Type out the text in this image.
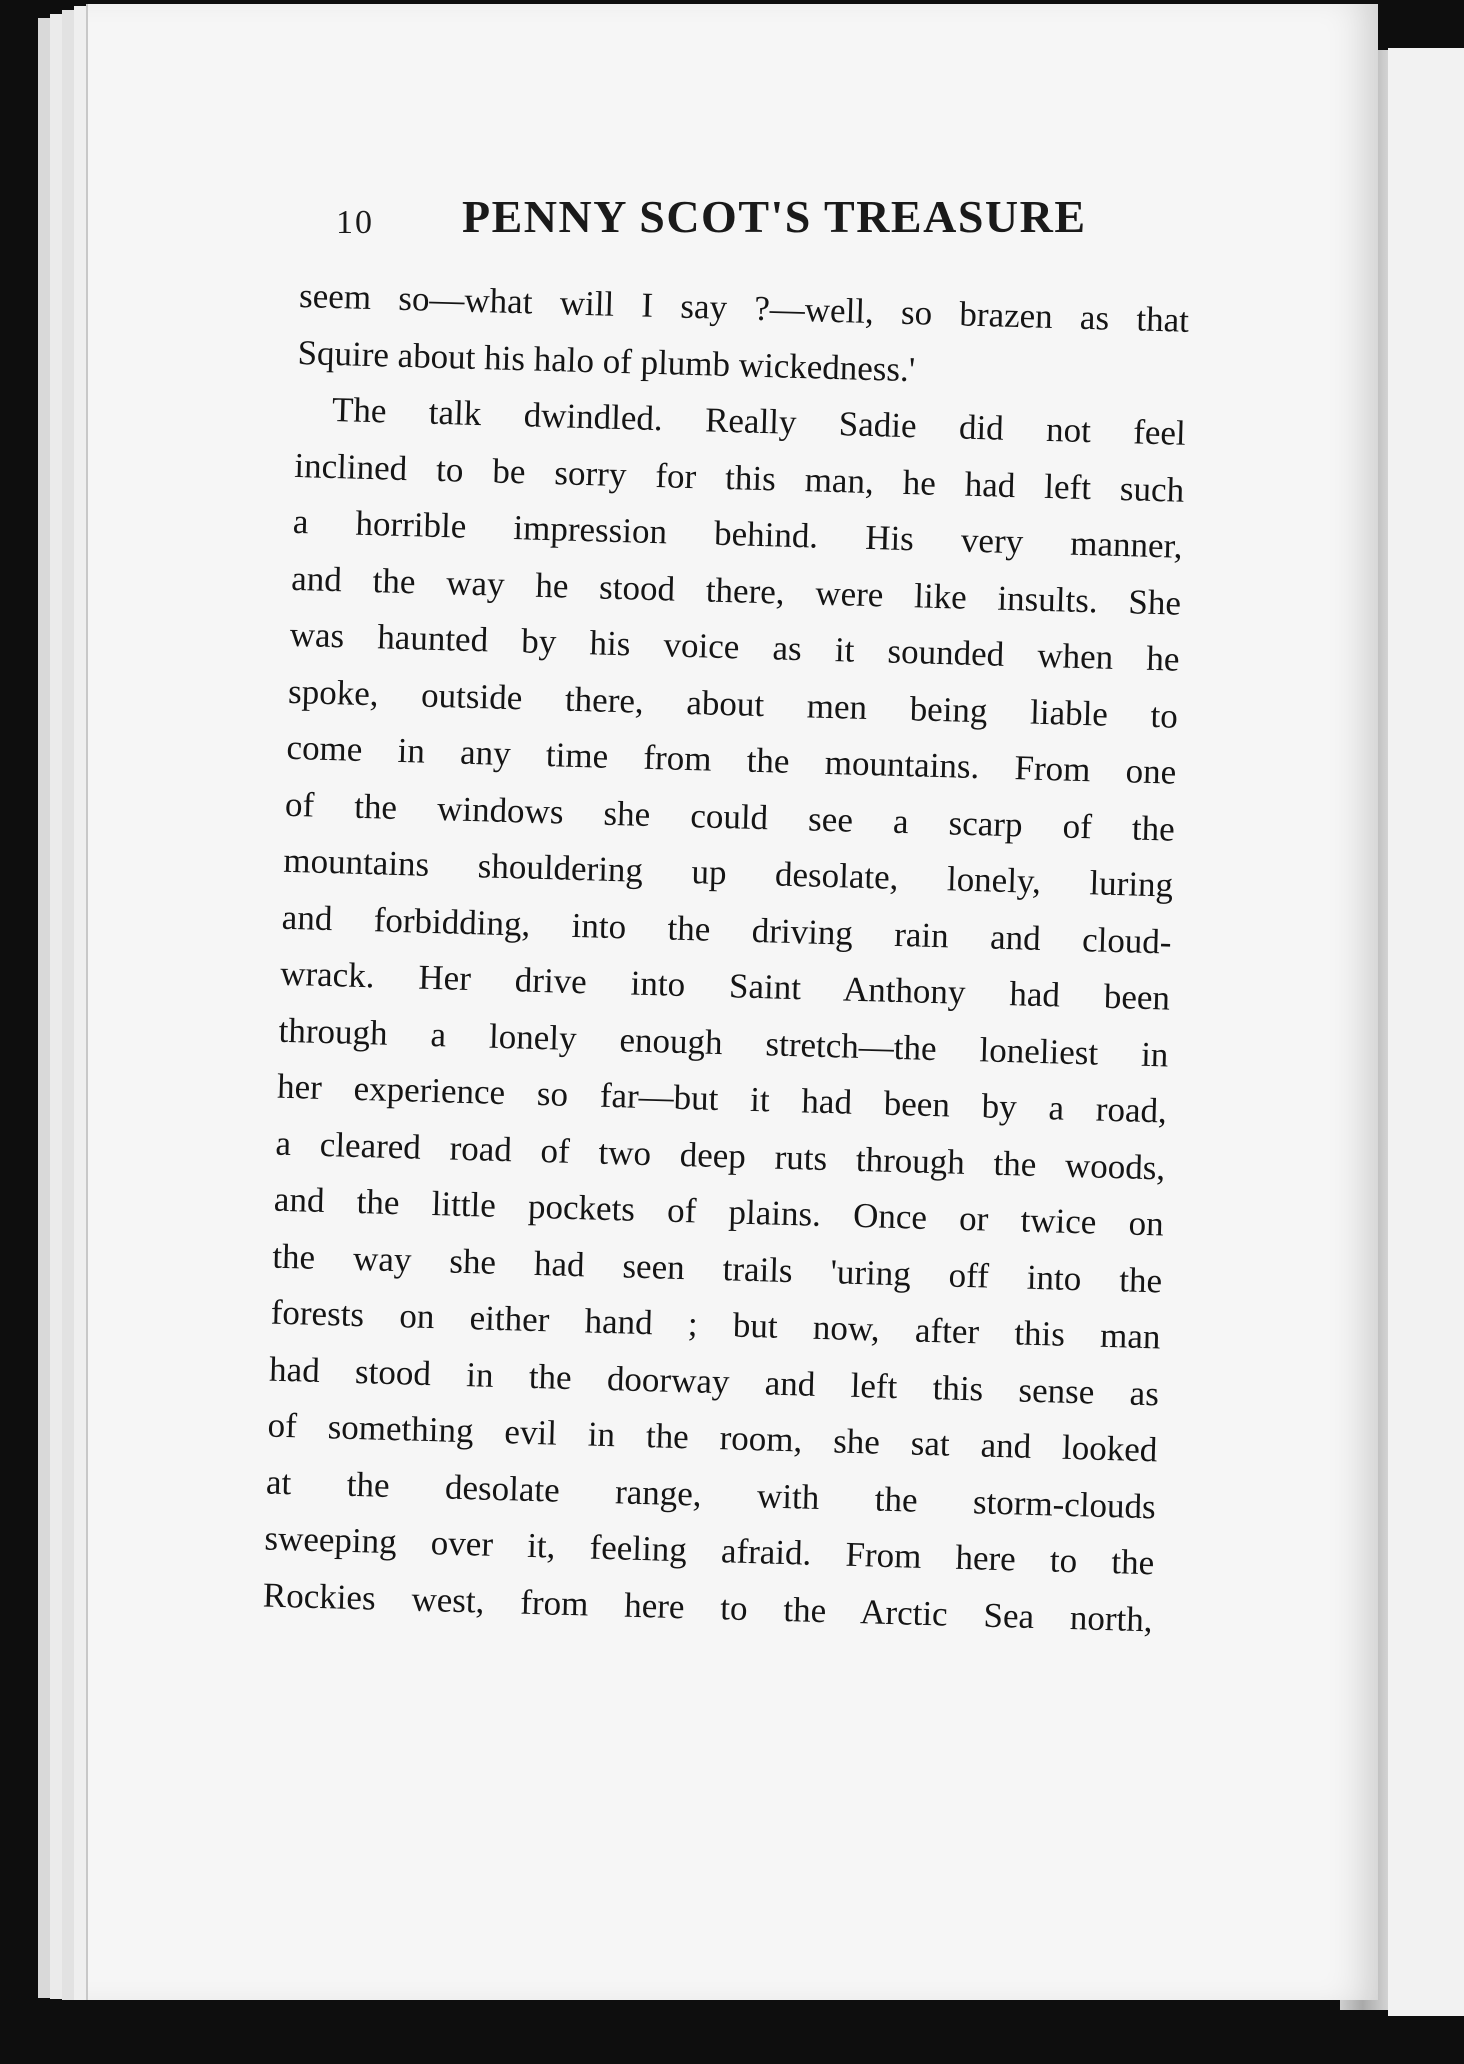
10 PENNY SCOT'S TREASURE
seem so—what will I say ?—well, so brazen as that
Squire about his halo of plumb wickedness.'
The talk dwindled. Really Sadie did not feel
inclined to be sorry for this man, he had left such
a horrible impression behind. His very manner,
and the way he stood there, were like insults. She
was haunted by his voice as it sounded when he
spoke, outside there, about men being liable to
come in any time from the mountains. From one
of the windows she could see a scarp of the
mountains shouldering up desolate, lonely, luring
and forbidding, into the driving rain and cloud-
wrack. Her drive into Saint Anthony had been
through a lonely enough stretch—the loneliest in
her experience so far—but it had been by a road,
a cleared road of two deep ruts through the woods,
and the little pockets of plains. Once or twice on
the way she had seen trails 'uring off into the
forests on either hand ; but now, after this man
had stood in the doorway and left this sense as
of something evil in the room, she sat and looked
at the desolate range, with the storm-clouds
sweeping over it, feeling afraid. From here to the
Rockies west, from here to the Arctic Sea north,
